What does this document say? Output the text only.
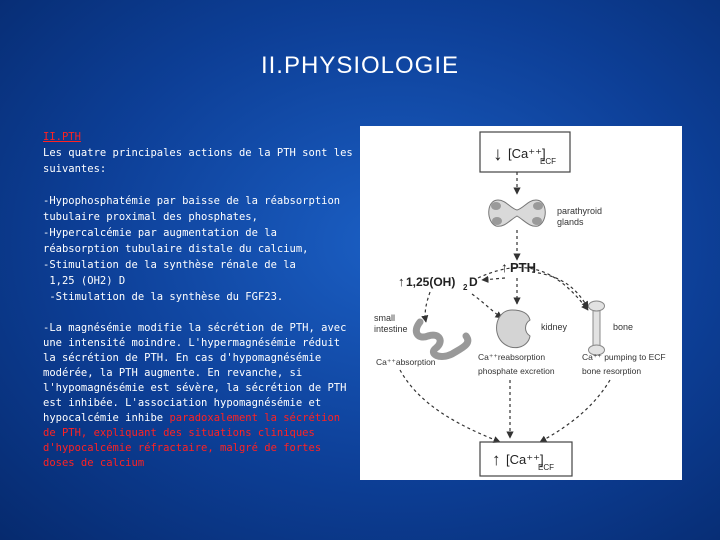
II.PHYSIOLOGIE

II.PTH

Les quatre principales actions de la PTH sont les suivantes:

-Hypophosphatémie par baisse de la réabsorption tubulaire proximal des phosphates,

-Hypercalcémie par augmentation de la réabsorption tubulaire distale du calcium,

-Stimulation de la synthèse rénale de la

1,25 (OH2) D

-Stimulation de la synthèse du FGF23.

-La magnésémie modifie la sécrétion de PTH, avec une intensité moindre. L'hypermagnésémie réduit la sécrétion de PTH. En cas d'hypomagnésémie modérée, la PTH augmente. En revanche, si l'hypomagnésémie est sévère, la sécrétion de PTH est inhibée. L'association hypomagnésémie et hypocalcémie inhibe paradoxalement la sécrétion de PTH, expliquant des situations cliniques d'hypocalcémie réfractaire, malgré de fortes doses de calcium

↓ [Ca⁺⁺]
ECF
parathyroid
glands
↑ PTH
↑ 1,25(OH) 2 D
small
intestine	kidney	bone
Ca⁺⁺absorption	Ca⁺⁺reabsorption
phosphate excretion
Ca⁺⁺ pumping to ECF
bone resorption
↑ [Ca⁺⁺]
ECF
